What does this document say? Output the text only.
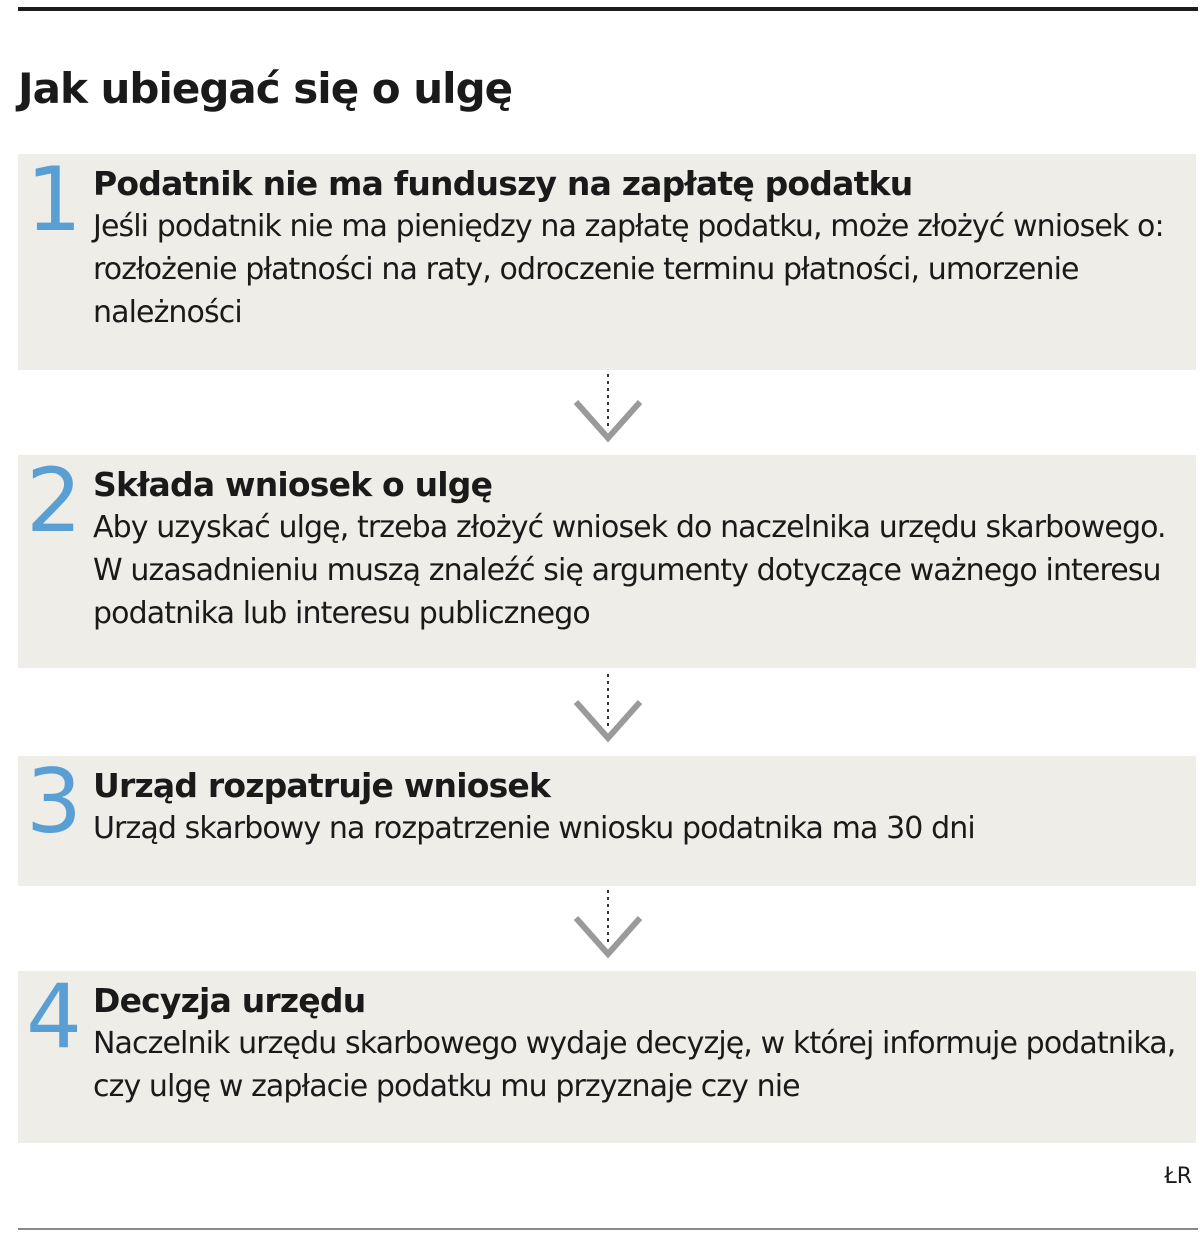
Jak ubiegać się o ulgę
1 Podatnik nie ma funduszy na zapłatę podatku

Jeśli podatnik nie ma pieniędzy na zapłatę podatku, może złożyć wniosek o: rozłożenie płatności na raty, odroczenie terminu płatności, umorzenie należności

2 Składa wniosek o ulgę

Aby uzyskać ulgę, trzeba złożyć wniosek do naczelnika urzędu skarbowego. W uzasadnieniu muszą znaleźć się argumenty dotyczące ważnego interesu podatnika lub interesu publicznego

3 Urząd rozpatruje wniosek

Urząd skarbowy na rozpatrzenie wniosku podatnika ma 30 dni

4 Decyzja urzędu

Naczelnik urzędu skarbowego wydaje decyzję, w której informuje podatnika, czy ulgę w zapłacie podatku mu przyznaje czy nie

ŁR
